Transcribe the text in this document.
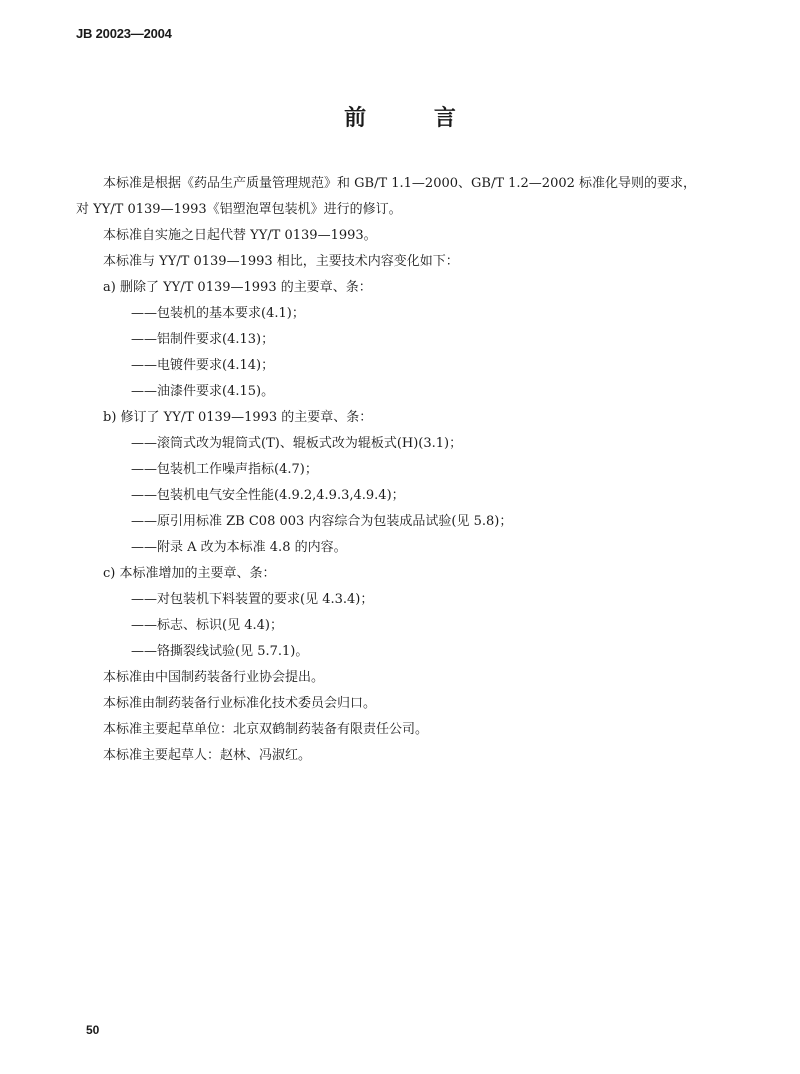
JB 20023—2004
前 言
本标准是根据《药品生产质量管理规范》和 GB/T 1.1—2000、GB/T 1.2—2002 标准化导则的要求，
对 YY/T 0139—1993《铝塑泡罩包装机》进行的修订。
本标准自实施之日起代替 YY/T 0139—1993。
本标准与 YY/T 0139—1993 相比，主要技术内容变化如下：
a) 删除了 YY/T 0139—1993 的主要章、条：
——包装机的基本要求(4.1)；
——铝制件要求(4.13)；
——电镀件要求(4.14)；
——油漆件要求(4.15)。
b) 修订了 YY/T 0139—1993 的主要章、条：
——滚筒式改为辊筒式(T)、辊板式改为辊板式(H)(3.1)；
——包装机工作噪声指标(4.7)；
——包装机电气安全性能(4.9.2,4.9.3,4.9.4)；
——原引用标准 ZB C08 003 内容综合为包装成品试验(见 5.8)；
——附录 A 改为本标准 4.8 的内容。
c) 本标准增加的主要章、条：
——对包装机下料装置的要求(见 4.3.4)；
——标志、标识(见 4.4)；
——铬撕裂线试验(见 5.7.1)。
本标准由中国制药装备行业协会提出。
本标准由制药装备行业标准化技术委员会归口。
本标准主要起草单位：北京双鹤制药装备有限责任公司。
本标准主要起草人：赵林、冯淑红。
50
